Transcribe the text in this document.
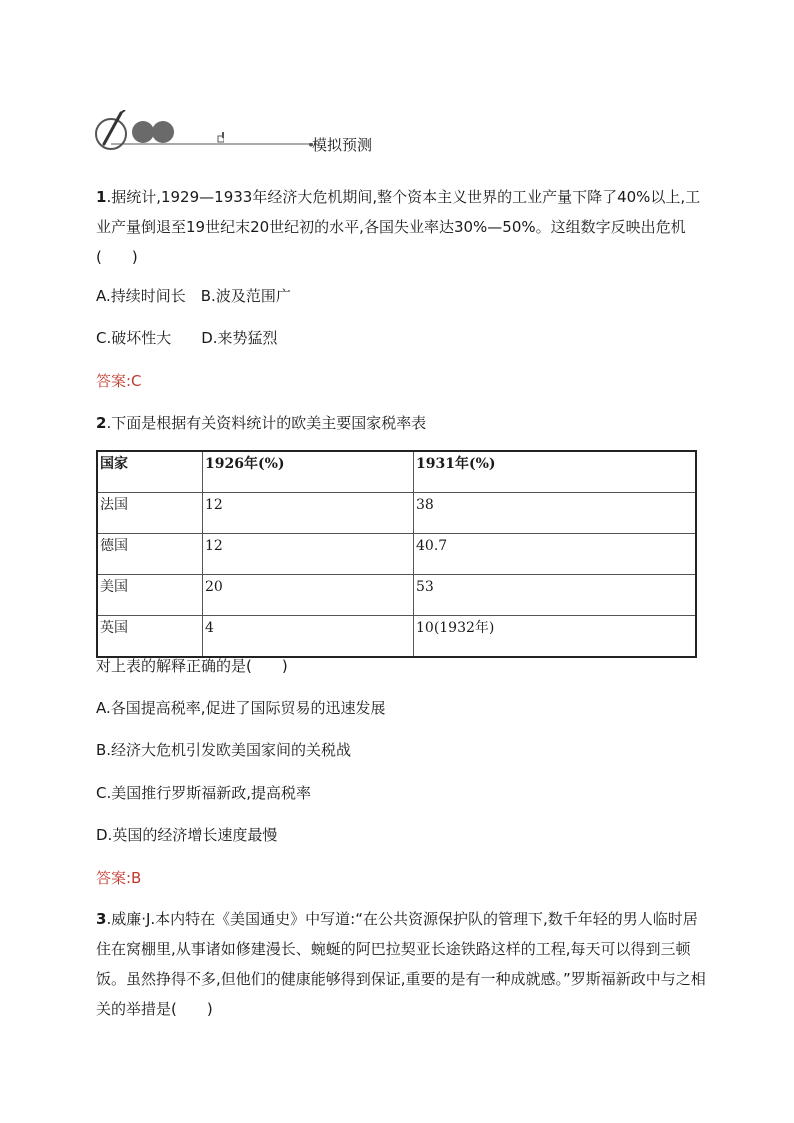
模拟预测

1.据统计,1929—1933年经济大危机期间,整个资本主义世界的工业产量下降了40%以上,工业产量倒退至19世纪末20世纪初的水平,各国失业率达30%—50%。这组数字反映出危机(　　)

A.持续时间长　B.波及范围广
C.破坏性大　　D.来势猛烈
答案:C

2.下面是根据有关资料统计的欧美主要国家税率表

国家	1926年(%)	1931年(%)
法国	12	38
德国	12	40.7
美国	20	53
英国	4	10(1932年)
对上表的解释正确的是(　　)
A.各国提高税率,促进了国际贸易的迅速发展
B.经济大危机引发欧美国家间的关税战
C.美国推行罗斯福新政,提高税率
D.英国的经济增长速度最慢
答案:B

3.威廉·J.本内特在《美国通史》中写道:“在公共资源保护队的管理下,数千年轻的男人临时居住在窝棚里,从事诸如修建漫长、蜿蜒的阿巴拉契亚长途铁路这样的工程,每天可以得到三顿饭。虽然挣得不多,但他们的健康能够得到保证,重要的是有一种成就感。”罗斯福新政中与之相关的举措是(　　)
